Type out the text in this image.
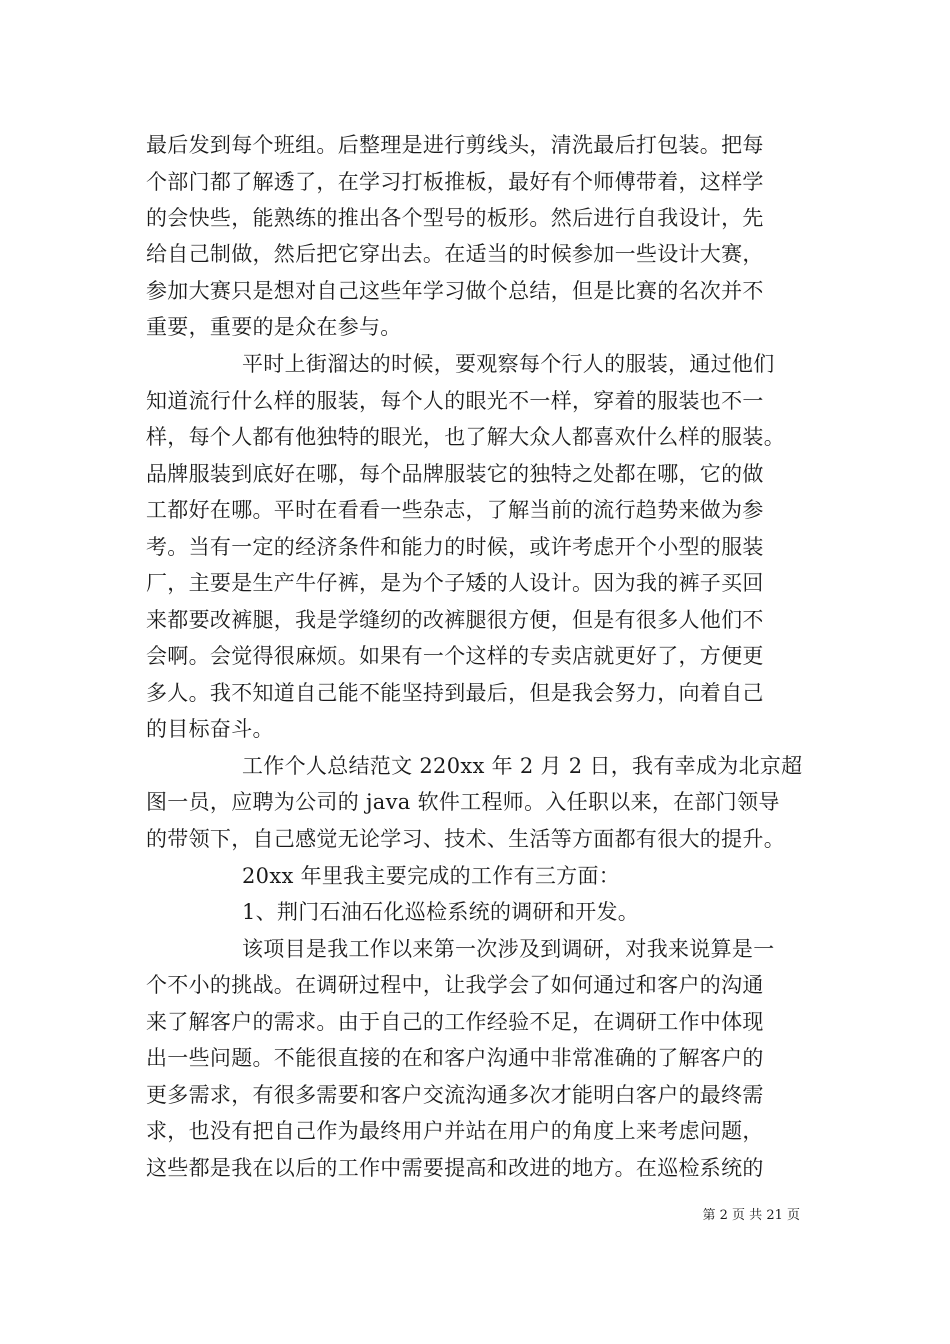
最后发到每个班组。后整理是进行剪线头，清洗最后打包装。把每
个部门都了解透了，在学习打板推板，最好有个师傅带着，这样学
的会快些，能熟练的推出各个型号的板形。然后进行自我设计，先
给自己制做，然后把它穿出去。在适当的时候参加一些设计大赛，
参加大赛只是想对自己这些年学习做个总结，但是比赛的名次并不
重要，重要的是众在参与。
平时上街溜达的时候，要观察每个行人的服装，通过他们
知道流行什么样的服装，每个人的眼光不一样，穿着的服装也不一
样，每个人都有他独特的眼光，也了解大众人都喜欢什么样的服装。
品牌服装到底好在哪，每个品牌服装它的独特之处都在哪，它的做
工都好在哪。平时在看看一些杂志，了解当前的流行趋势来做为参
考。当有一定的经济条件和能力的时候，或许考虑开个小型的服装
厂，主要是生产牛仔裤，是为个子矮的人设计。因为我的裤子买回
来都要改裤腿，我是学缝纫的改裤腿很方便，但是有很多人他们不
会啊。会觉得很麻烦。如果有一个这样的专卖店就更好了，方便更
多人。我不知道自己能不能坚持到最后，但是我会努力，向着自己
的目标奋斗。
工作个人总结范文 220xx 年 2 月 2 日，我有幸成为北京超
图一员，应聘为公司的 java 软件工程师。入任职以来，在部门领导
的带领下，自己感觉无论学习、技术、生活等方面都有很大的提升。
20xx 年里我主要完成的工作有三方面：
1、荆门石油石化巡检系统的调研和开发。
该项目是我工作以来第一次涉及到调研，对我来说算是一
个不小的挑战。在调研过程中，让我学会了如何通过和客户的沟通
来了解客户的需求。由于自己的工作经验不足，在调研工作中体现
出一些问题。不能很直接的在和客户沟通中非常准确的了解客户的
更多需求，有很多需要和客户交流沟通多次才能明白客户的最终需
求，也没有把自己作为最终用户并站在用户的角度上来考虑问题，
这些都是我在以后的工作中需要提高和改进的地方。在巡检系统的
第 2 页 共 21 页
